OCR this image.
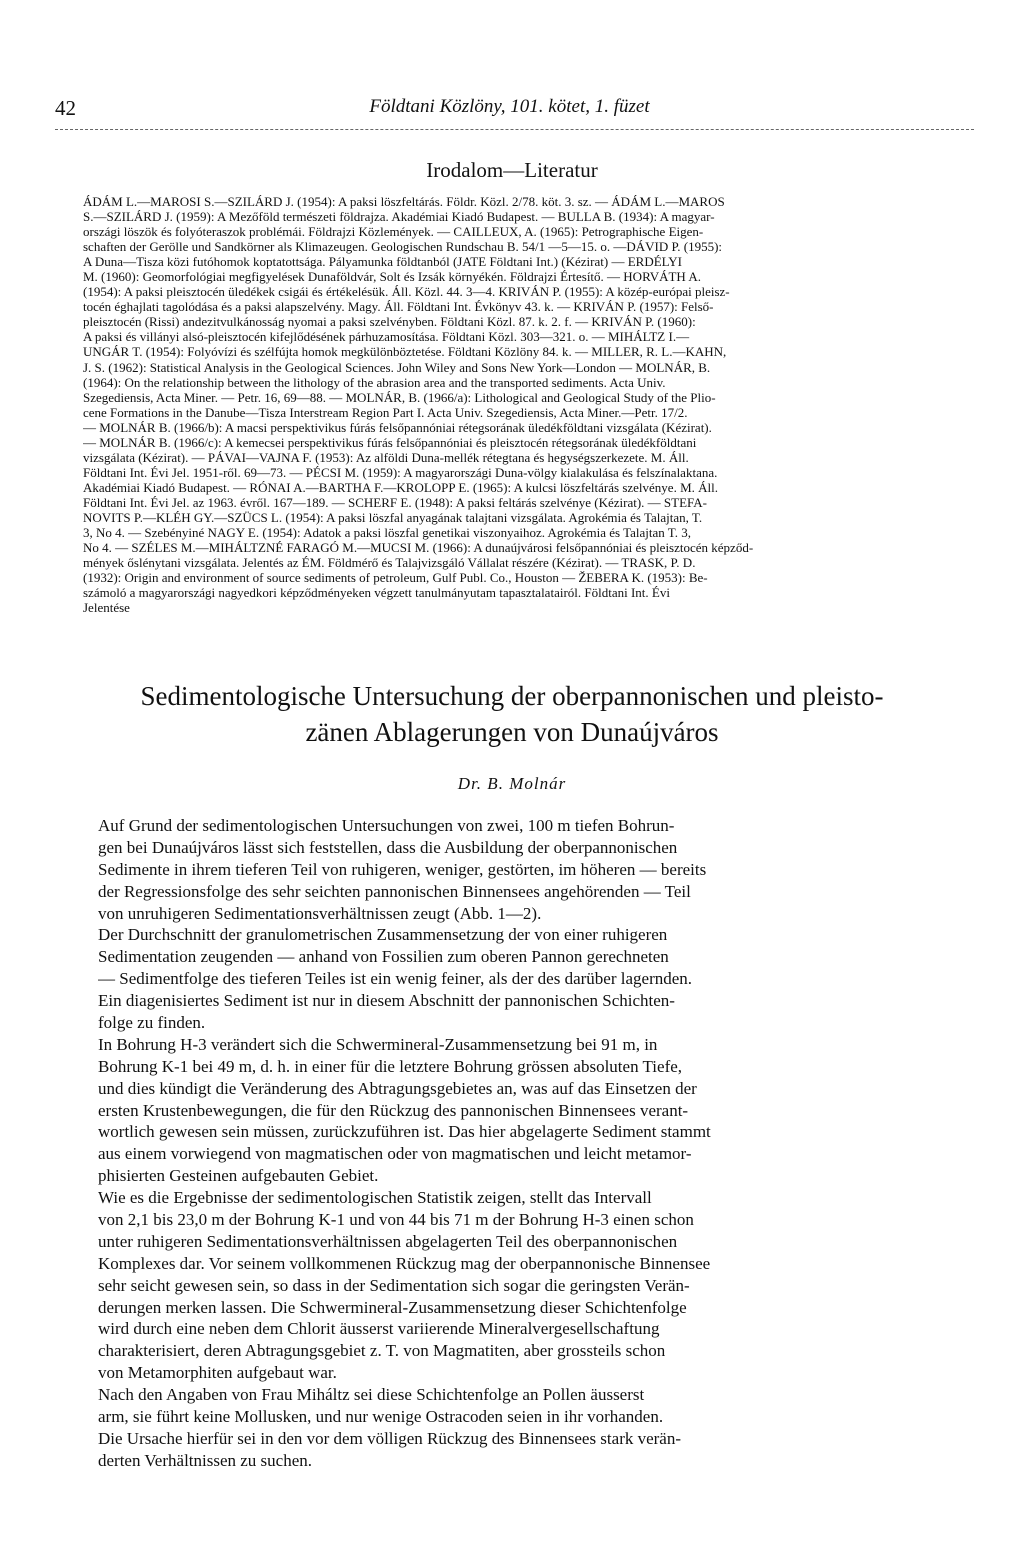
42	Földtani Közlöny, 101. kötet, 1. füzet
Irodalom—Literatur
ÁDÁM L.—MAROSI S.—SZILÁRD J. (1954): A paksi löszfeltárás. Földr. Közl. 2/78. köt. 3. sz. — ÁDÁM L.—MAROS
S.—SZILÁRD J. (1959): A Mezőföld természeti földrajza. Akadémiai Kiadó Budapest. — BULLA B. (1934): A magyar-
országi löszök és folyóteraszok problémái. Földrajzi Közlemények. — CAILLEUX, A. (1965): Petrographische Eigen-
schaften der Gerölle und Sandkörner als Klimazeugen. Geologischen Rundschau B. 54/1 —5—15. o. —DÁVID P. (1955):
A Duna—Tisza közi futóhomok koptatottsága. Pályamunka földtanból (JATE Földtani Int.) (Kézirat) — ERDÉLYI
M. (1960): Geomorfológiai megfigyelések Dunaföldvár, Solt és Izsák környékén. Földrajzi Értesítő. — HORVÁTH A.
(1954): A paksi pleisztocén üledékek csigái és értékelésük. Áll. Közl. 44. 3—4. KRIVÁN P. (1955): A közép-európai pleisz-
tocén éghajlati tagolódása és a paksi alapszelvény. Magy. Áll. Földtani Int. Évkönyv 43. k. — KRIVÁN P. (1957): Felső-
pleisztocén (Rissi) andezitvulkánosság nyomai a paksi szelvényben. Földtani Közl. 87. k. 2. f. — KRIVÁN P. (1960):
A paksi és villányi alsó-pleisztocén kifejlődésének párhuzamosítása. Földtani Közl. 303—321. o. — MIHÁLTZ I.—
UNGÁR T. (1954): Folyóvízi és szélfújta homok megkülönböztetése. Földtani Közlöny 84. k. — MILLER, R. L.—KAHN,
J. S. (1962): Statistical Analysis in the Geological Sciences. John Wiley and Sons New York—London — MOLNÁR, B.
(1964): On the relationship between the lithology of the abrasion area and the transported sediments. Acta Univ.
Szegediensis, Acta Miner. — Petr. 16, 69—88. — MOLNÁR, B. (1966/a): Lithological and Geological Study of the Plio-
cene Formations in the Danube—Tisza Interstream Region Part I. Acta Univ. Szegediensis, Acta Miner.—Petr. 17/2.
— MOLNÁR B. (1966/b): A macsi perspektivikus fúrás felsőpannóniai rétegsorának üledékföldtani vizsgálata (Kézirat).
— MOLNÁR B. (1966/c): A kemecsei perspektivikus fúrás felsőpannóniai és pleisztocén rétegsorának üledékföldtani
vizsgálata (Kézirat). — PÁVAI—VAJNA F. (1953): Az alföldi Duna-mellék rétegtana és hegységszerkezete. M. Áll.
Földtani Int. Évi Jel. 1951-ről. 69—73. — PÉCSI M. (1959): A magyarországi Duna-völgy kialakulása és felszínalaktana.
Akadémiai Kiadó Budapest. — RÓNAI A.—BARTHA F.—KROLOPP E. (1965): A kulcsi löszfeltárás szelvénye. M. Áll.
Földtani Int. Évi Jel. az 1963. évről. 167—189. — SCHERF E. (1948): A paksi feltárás szelvénye (Kézirat). — STEFA-
NOVITS P.—KLÉH GY.—SZÜCS L. (1954): A paksi löszfal anyagának talajtani vizsgálata. Agrokémia és Talajtan, T.
3, No 4. — Szebényiné NAGY E. (1954): Adatok a paksi löszfal genetikai viszonyaihoz. Agrokémia és Talajtan T. 3,
No 4. — SZÉLES M.—MIHÁLTZNÉ FARAGÓ M.—MUCSI M. (1966): A dunaújvárosi felsőpannóniai és pleisztocén képződ-
mények őslénytani vizsgálata. Jelentés az ÉM. Földmérő és Talajvizsgáló Vállalat részére (Kézirat). — TRASK, P. D.
(1932): Origin and environment of source sediments of petroleum, Gulf Publ. Co., Houston — ŽEBERA K. (1953): Be-
számoló a magyarországi nagyedkori képződményeken végzett tanulmányutam tapasztalatairól. Földtani Int. Évi
Jelentése
Sedimentologische Untersuchung der oberpannonischen und pleisto-
zänen Ablagerungen von Dunaújváros
Dr. B. Molnár
Auf Grund der sedimentologischen Untersuchungen von zwei, 100 m tiefen Bohrun-
gen bei Dunaújváros lässt sich feststellen, dass die Ausbildung der oberpannonischen
Sedimente in ihrem tieferen Teil von ruhigeren, weniger, gestörten, im höheren — bereits
der Regressionsfolge des sehr seichten pannonischen Binnensees angehörenden — Teil
von unruhigeren Sedimentationsverhältnissen zeugt (Abb. 1—2).
Der Durchschnitt der granulometrischen Zusammensetzung der von einer ruhigeren
Sedimentation zeugenden — anhand von Fossilien zum oberen Pannon gerechneten
— Sedimentfolge des tieferen Teiles ist ein wenig feiner, als der des darüber lagernden.
Ein diagenisiertes Sediment ist nur in diesem Abschnitt der pannonischen Schichten-
folge zu finden.
In Bohrung H-3 verändert sich die Schwermineral-Zusammensetzung bei 91 m, in
Bohrung K-1 bei 49 m, d. h. in einer für die letztere Bohrung grössen absoluten Tiefe,
und dies kündigt die Veränderung des Abtragungsgebietes an, was auf das Einsetzen der
ersten Krustenbewegungen, die für den Rückzug des pannonischen Binnensees verant-
wortlich gewesen sein müssen, zurückzuführen ist. Das hier abgelagerte Sediment stammt
aus einem vorwiegend von magmatischen oder von magmatischen und leicht metamor-
phisierten Gesteinen aufgebauten Gebiet.
Wie es die Ergebnisse der sedimentologischen Statistik zeigen, stellt das Intervall
von 2,1 bis 23,0 m der Bohrung K-1 und von 44 bis 71 m der Bohrung H-3 einen schon
unter ruhigeren Sedimentationsverhältnissen abgelagerten Teil des oberpannonischen
Komplexes dar. Vor seinem vollkommenen Rückzug mag der oberpannonische Binnensee
sehr seicht gewesen sein, so dass in der Sedimentation sich sogar die geringsten Verän-
derungen merken lassen. Die Schwermineral-Zusammensetzung dieser Schichtenfolge
wird durch eine neben dem Chlorit äusserst variierende Mineralvergesellschaftung
charakterisiert, deren Abtragungsgebiet z. T. von Magmatiten, aber grossteils schon
von Metamorphiten aufgebaut war.
Nach den Angaben von Frau Miháltz sei diese Schichtenfolge an Pollen äusserst
arm, sie führt keine Mollusken, und nur wenige Ostracoden seien in ihr vorhanden.
Die Ursache hierfür sei in den vor dem völligen Rückzug des Binnensees stark verän-
derten Verhältnissen zu suchen.
